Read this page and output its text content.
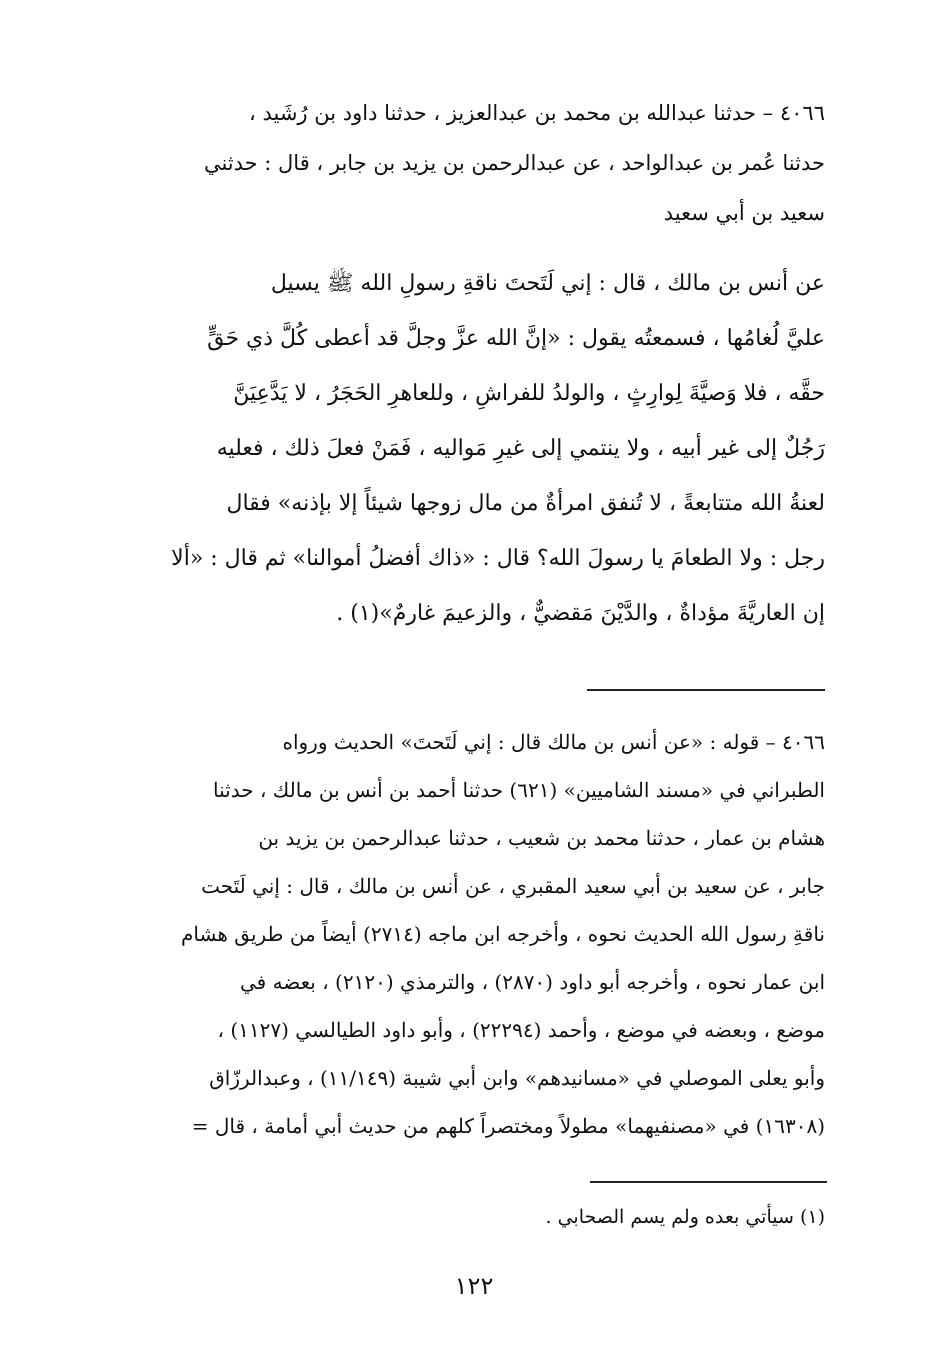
٤٠٦٦ – حدثنا عبدالله بن محمد بن عبدالعزيز ، حدثنا داود بن رُشَيد ،
حدثنا عُمر بن عبدالواحد ، عن عبدالرحمن بن يزيد بن جابر ، قال : حدثني
سعيد بن أبي سعيد
عن أنس بن مالك ، قال : إني لَتَحتَ ناقةِ رسولِ الله ﷺ يسيل
عليَّ لُغامُها ، فسمعتُه يقول : «إنَّ الله عزَّ وجلَّ قد أعطى كُلَّ ذي حَقٍّ
حقَّه ، فلا وَصيَّةَ لِوارِثٍ ، والولدُ للفراشِ ، وللعاهرِ الحَجَرُ ، لا يَدَّعِيَنَّ
رَجُلٌ إلى غير أبيه ، ولا ينتمي إلى غيرِ مَواليه ، فَمَنْ فعلَ ذلك ، فعليه
لعنةُ الله متتابعةً ، لا تُنفق امرأةٌ من مال زوجها شيئاً إلا بإذنه» فقال
رجل : ولا الطعامَ يا رسولَ الله؟ قال : «ذاك أفضلُ أموالنا» ثم قال : «ألا
إن العاريَّةَ مؤداةٌ ، والدَّيْنَ مَقضيٌّ ، والزعيمَ غارمٌ»(١) .
٤٠٦٦ – قوله : «عن أنس بن مالك قال : إني لَتَحتَ» الحديث ورواه
الطبراني في «مسند الشاميين» (٦٢١) حدثنا أحمد بن أنس بن مالك ، حدثنا
هشام بن عمار ، حدثنا محمد بن شعيب ، حدثنا عبدالرحمن بن يزيد بن
جابر ، عن سعيد بن أبي سعيد المقبري ، عن أنس بن مالك ، قال : إني لَتَحت
ناقةِ رسول الله الحديث نحوه ، وأخرجه ابن ماجه (٢٧١٤) أيضاً من طريق هشام
ابن عمار نحوه ، وأخرجه أبو داود (٢٨٧٠) ، والترمذي (٢١٢٠) ، بعضه في
موضع ، وبعضه في موضع ، وأحمد (٢٢٢٩٤) ، وأبو داود الطيالسي (١١٢٧) ،
وأبو يعلى الموصلي في «مسانيدهم» وابن أبي شيبة (١١/١٤٩) ، وعبدالرزّاق
(١٦٣٠٨) في «مصنفيهما» مطولاً ومختصراً كلهم من حديث أبي أمامة ، قال =
(١) سيأتي بعده ولم يسم الصحابي .
١٢٢
